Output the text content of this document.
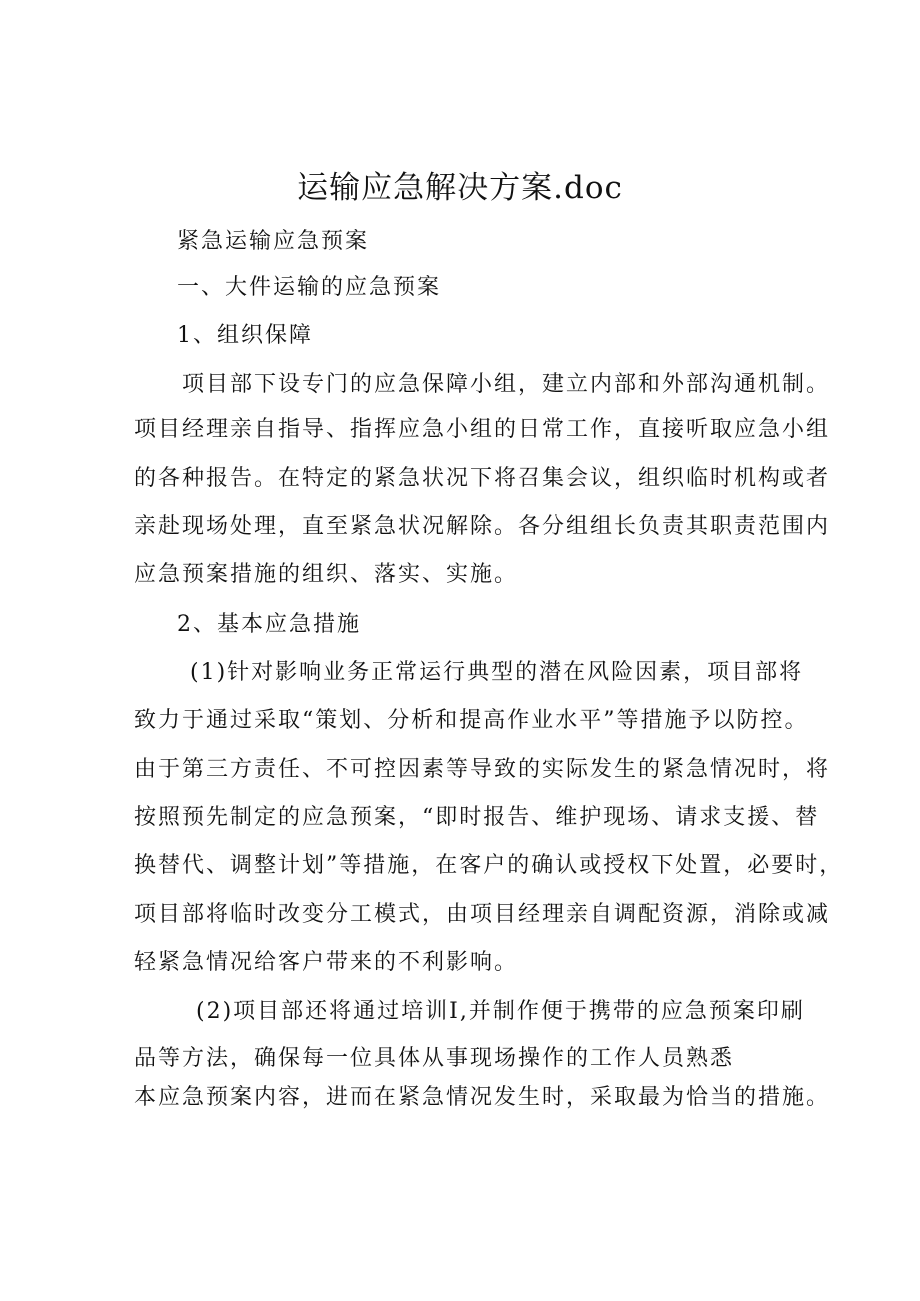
运输应急解决方案.doc
紧急运输应急预案
一、大件运输的应急预案
1、组织保障
项目部下设专门的应急保障小组，建立内部和外部沟通机制。
项目经理亲自指导、指挥应急小组的日常工作，直接听取应急小组
的各种报告。在特定的紧急状况下将召集会议，组织临时机构或者
亲赴现场处理，直至紧急状况解除。各分组组长负责其职责范围内
应急预案措施的组织、落实、实施。
2、基本应急措施
(1)针对影响业务正常运行典型的潜在风险因素，项目部将
致力于通过采取“策划、分析和提高作业水平”等措施予以防控。
由于第三方责任、不可控因素等导致的实际发生的紧急情况时，将
按照预先制定的应急预案，“即时报告、维护现场、请求支援、替
换替代、调整计划”等措施，在客户的确认或授权下处置，必要时，
项目部将临时改变分工模式，由项目经理亲自调配资源，消除或减
轻紧急情况给客户带来的不利影响。
(2)项目部还将通过培训I,并制作便于携带的应急预案印刷
品等方法，确保每一位具体从事现场操作的工作人员熟悉
本应急预案内容，进而在紧急情况发生时，采取最为恰当的措施。
